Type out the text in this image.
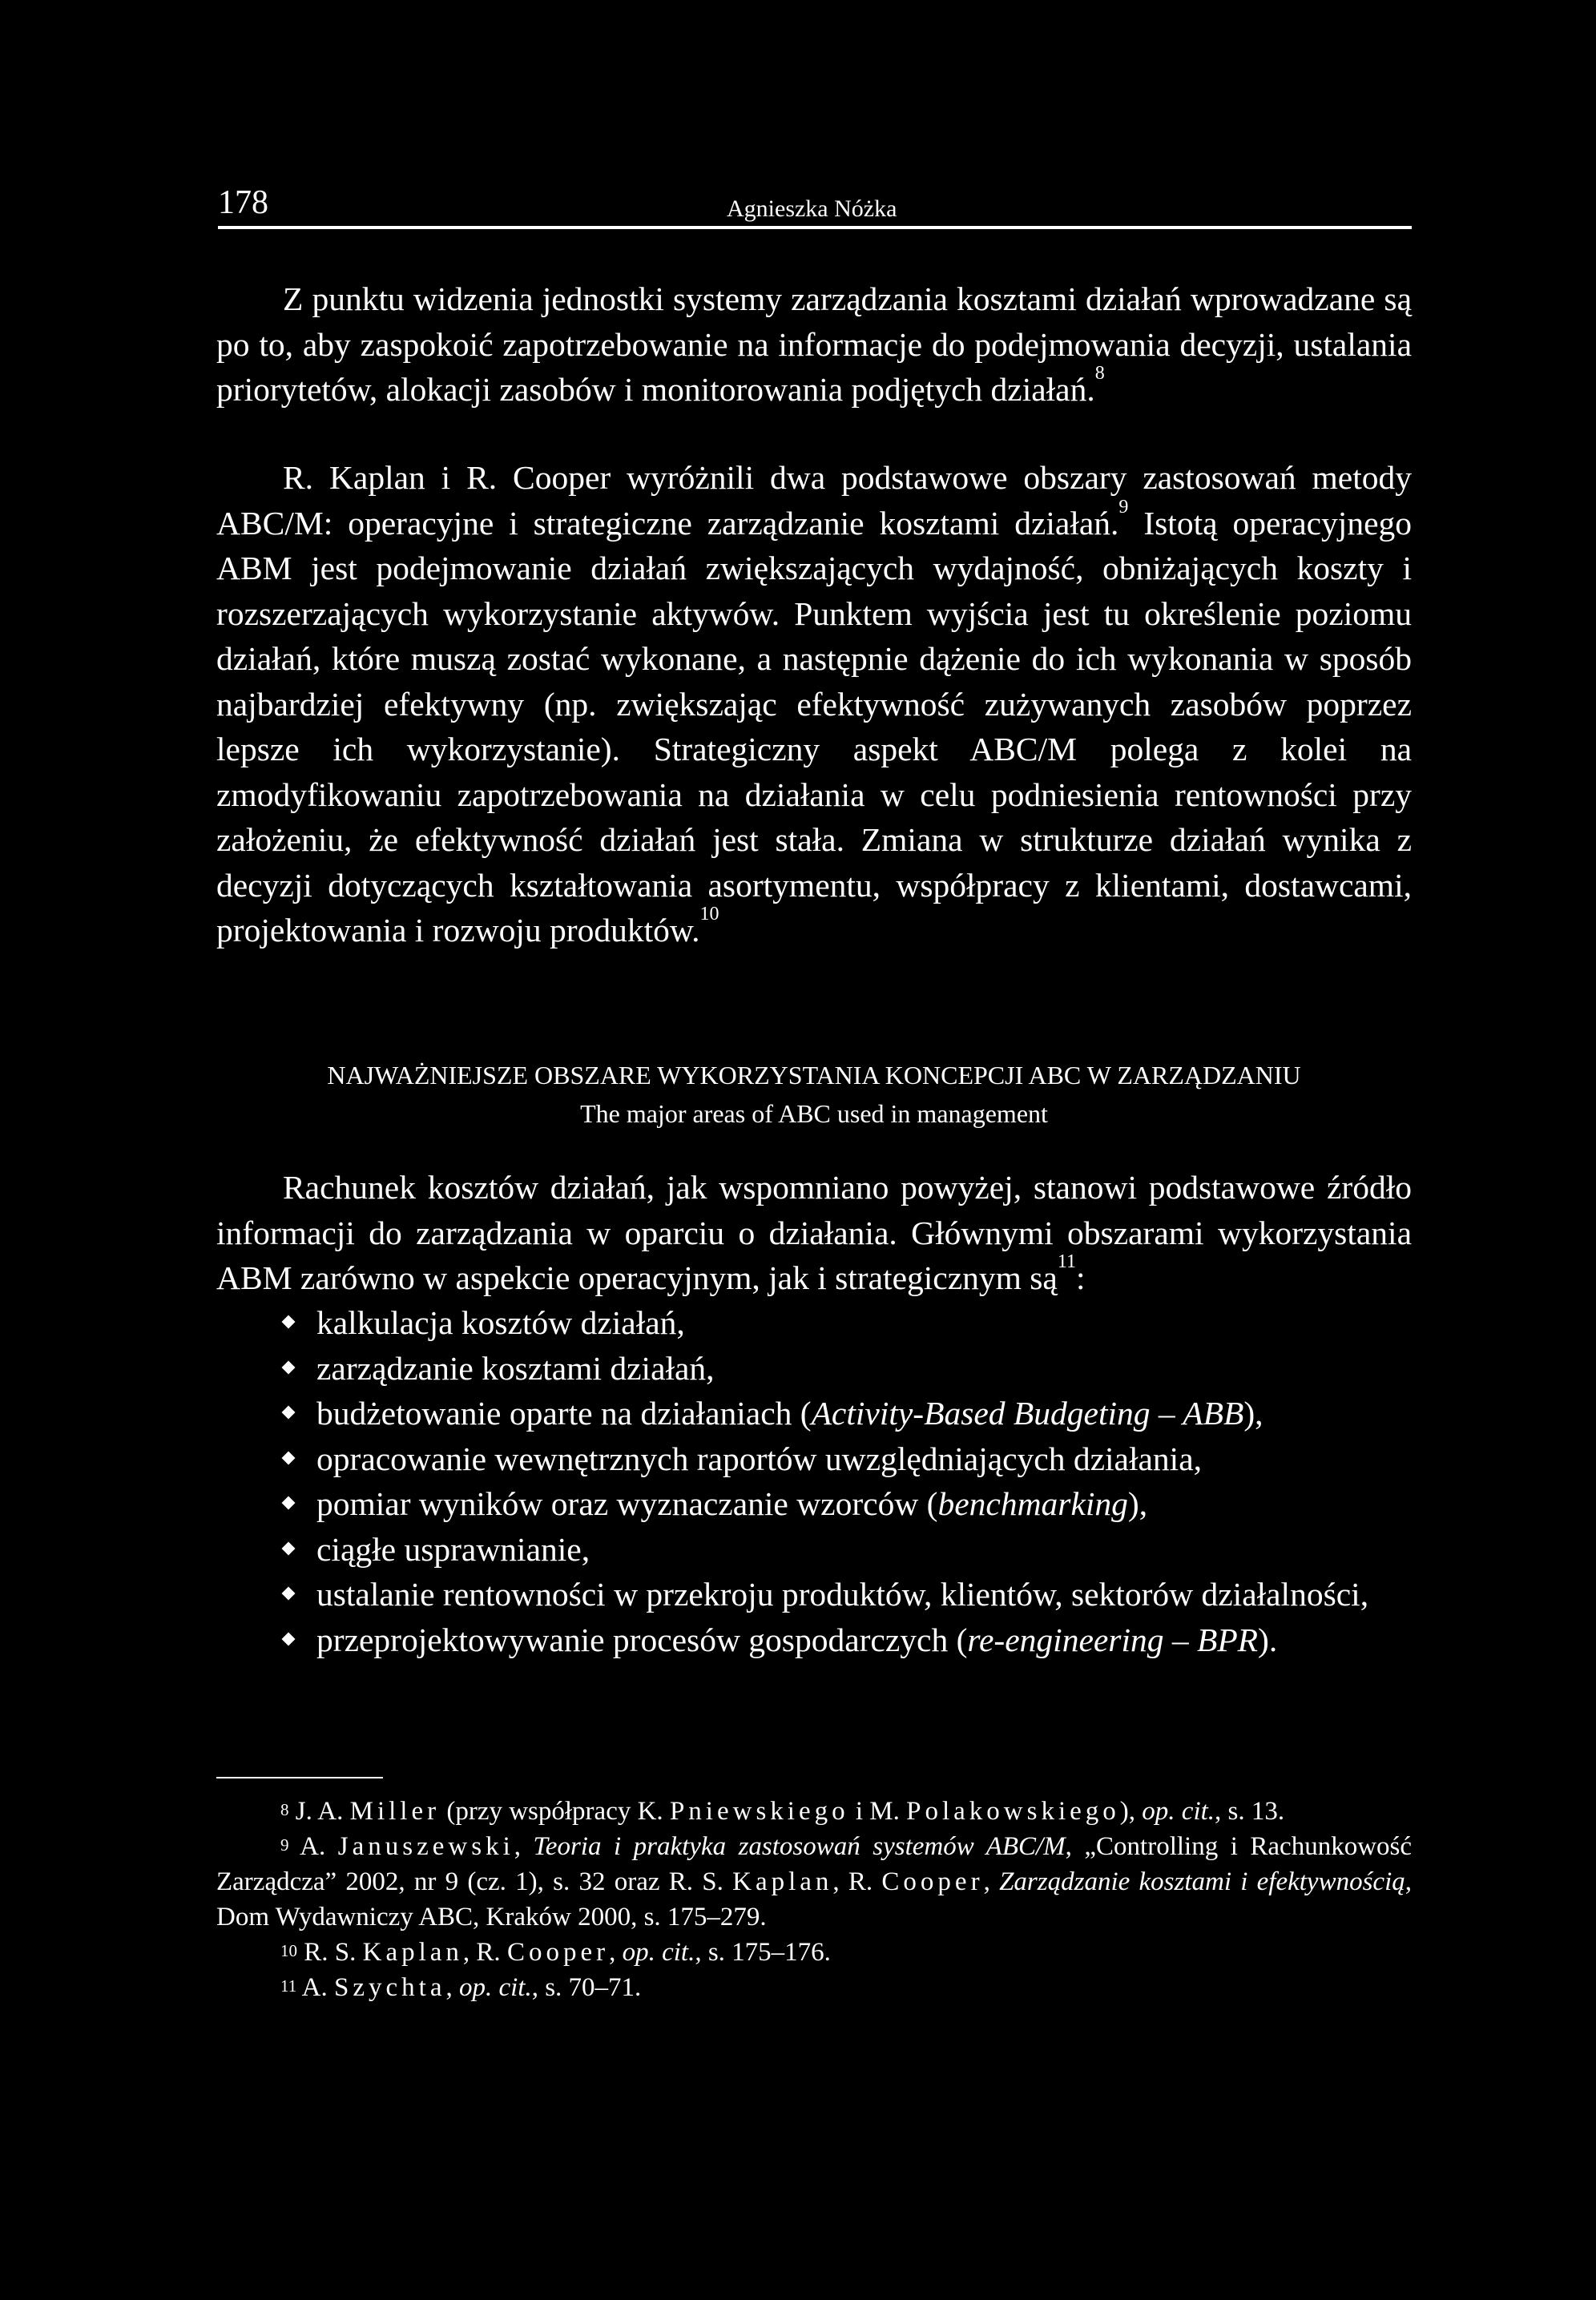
178	Agnieszka Nóżka

Z punktu widzenia jednostki systemy zarządzania kosztami działań wprowadzane są po to, aby zaspokoić zapotrzebowanie na informacje do podejmowania decyzji, ustalania priorytetów, alokacji zasobów i monitorowania podjętych działań.$^8$

R. Kaplan i R. Cooper wyróżnili dwa podstawowe obszary zastosowań metody ABC/M: operacyjne i strategiczne zarządzanie kosztami działań.$^9$ Istotą operacyjnego ABM jest podejmowanie działań zwiększających wydajność, obniżających koszty i rozszerzających wykorzystanie aktywów. Punktem wyjścia jest tu określenie poziomu działań, które muszą zostać wykonane, a następnie dążenie do ich wykonania w sposób najbardziej efektywny (np. zwiększając efektywność zużywanych zasobów poprzez lepsze ich wykorzystanie). Strategiczny aspekt ABC/M polega z kolei na zmodyfikowaniu zapotrzebowania na działania w celu podniesienia rentowności przy założeniu, że efektywność działań jest stała. Zmiana w strukturze działań wynika z decyzji dotyczących kształtowania asortymentu, współpracy z klientami, dostawcami, projektowania i rozwoju produktów.$^{10}$

NAJWAŻNIEJSZE OBSZARE WYKORZYSTANIA KONCEPCJI ABC W ZARZĄDZANIU
The major areas of ABC used in management

Rachunek kosztów działań, jak wspomniano powyżej, stanowi podstawowe źródło informacji do zarządzania w oparciu o działania. Głównymi obszarami wykorzystania ABM zarówno w aspekcie operacyjnym, jak i strategicznym są$^{11}$:

kalkulacja kosztów działań,
zarządzanie kosztami działań,
budżetowanie oparte na działaniach (Activity-Based Budgeting – ABB),
opracowanie wewnętrznych raportów uwzględniających działania,
pomiar wyników oraz wyznaczanie wzorców (benchmarking),
ciągłe usprawnianie,
ustalanie rentowności w przekroju produktów, klientów, sektorów działalności,
przeprojektowywanie procesów gospodarczych (re-engineering – BPR).

$^8$ J. A. Miller (przy współpracy K. Pniewskiego i M. Polakowskiego), op. cit., s. 13.

$^9$ A. Januszewski, Teoria i praktyka zastosowań systemów ABC/M, „Controlling i Rachunkowość Zarządcza” 2002, nr 9 (cz. 1), s. 32 oraz R. S. Kaplan, R. Cooper, Zarządzanie kosztami i efektywnością, Dom Wydawniczy ABC, Kraków 2000, s. 175–279.

$^{10}$ R. S. Kaplan, R. Cooper, op. cit., s. 175–176.

$^{11}$ A. Szychta, op. cit., s. 70–71.
